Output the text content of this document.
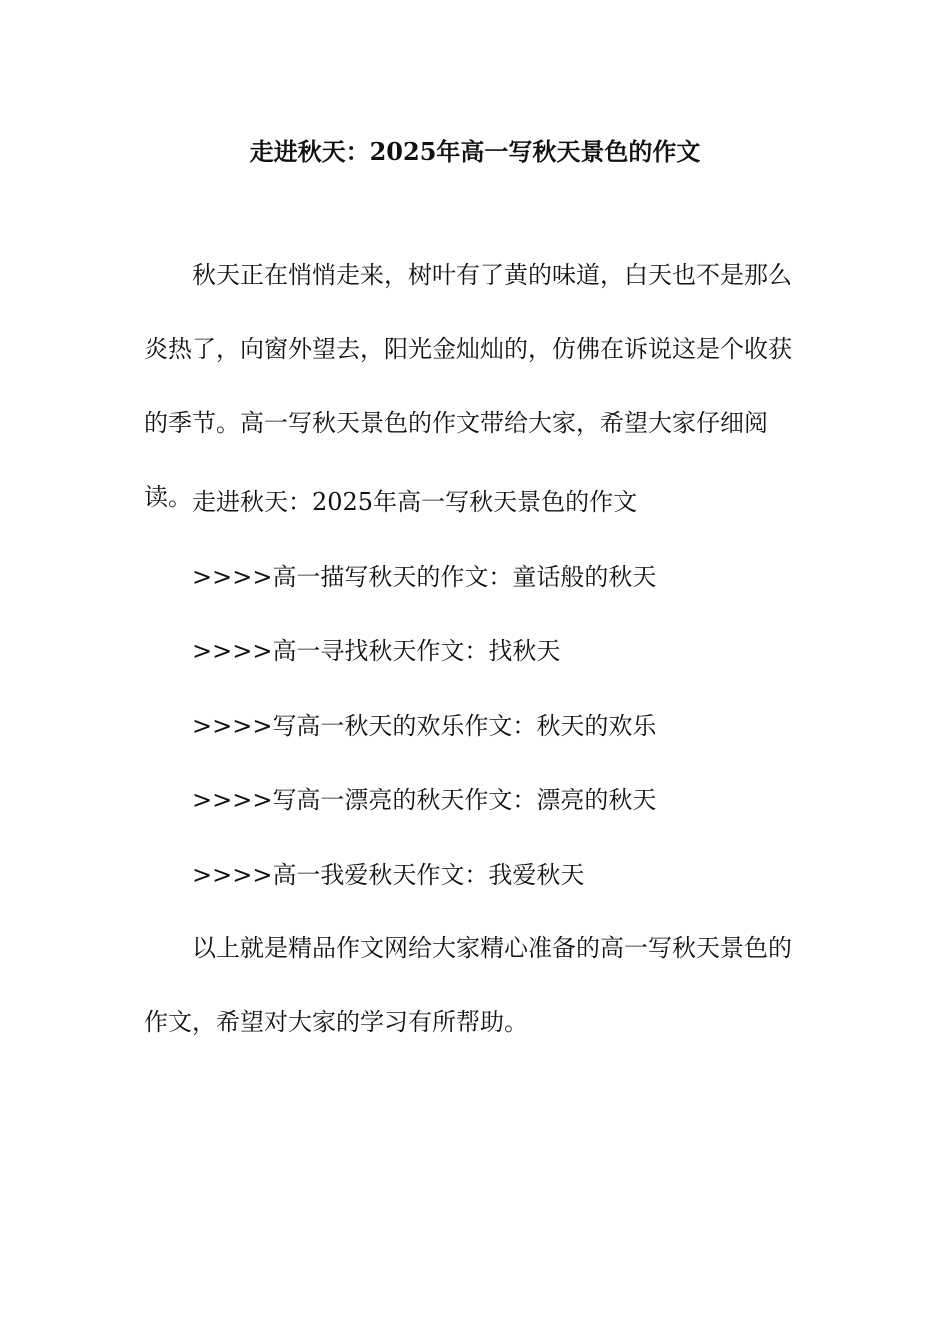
走进秋天：2025年高一写秋天景色的作文
秋天正在悄悄走来，树叶有了黄的味道，白天也不是那么炎热了，向窗外望去，阳光金灿灿的，仿佛在诉说这是个收获的季节。高一写秋天景色的作文带给大家，希望大家仔细阅读。 走进秋天：2025年高一写秋天景色的作文
>>>>高一描写秋天的作文：童话般的秋天
>>>>高一寻找秋天作文：找秋天
>>>>写高一秋天的欢乐作文：秋天的欢乐
>>>>写高一漂亮的秋天作文：漂亮的秋天
>>>>高一我爱秋天作文：我爱秋天
以上就是精品作文网给大家精心准备的高一写秋天景色的作文，希望对大家的学习有所帮助。
